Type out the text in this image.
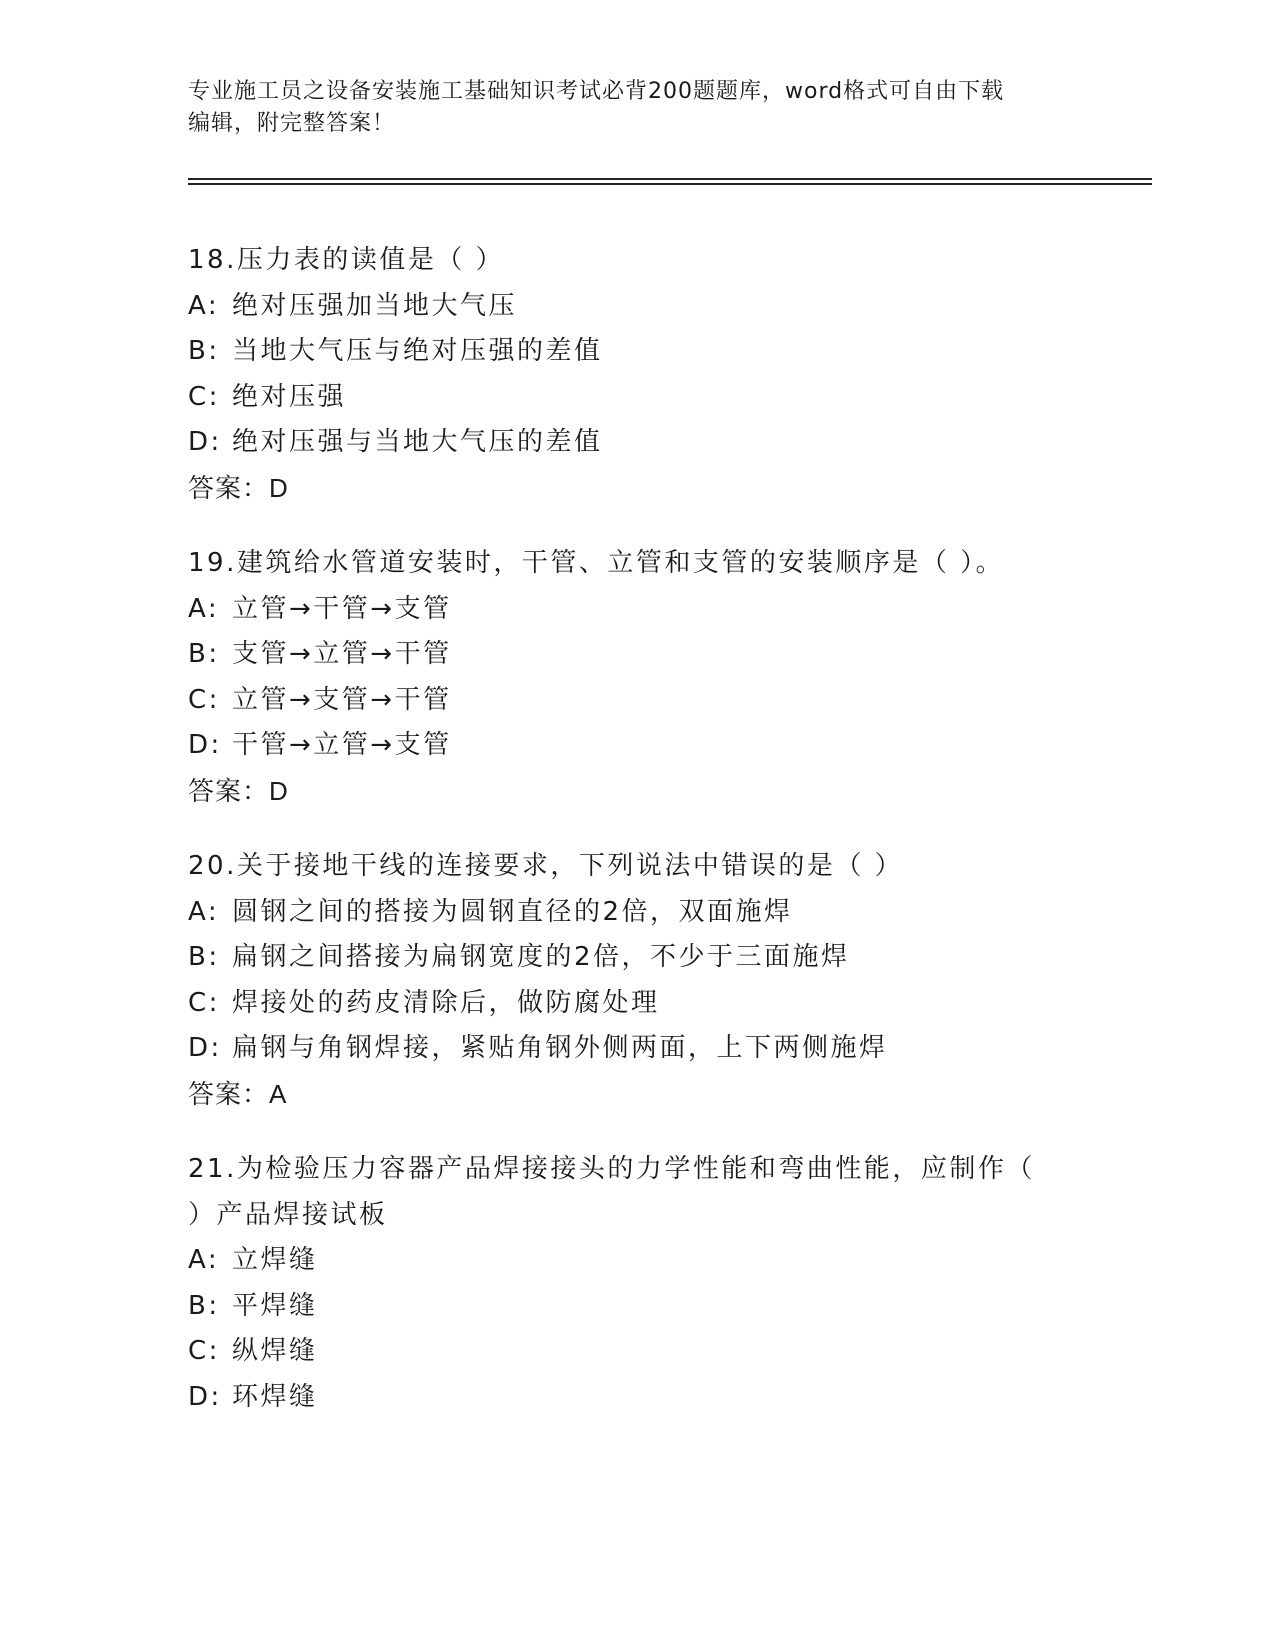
专业施工员之设备安装施工基础知识考试必背200题题库，word格式可自由下载
编辑，附完整答案！
18.压力表的读值是（ ）
A: 绝对压强加当地大气压
B: 当地大气压与绝对压强的差值
C: 绝对压强
D: 绝对压强与当地大气压的差值
答案：D
19.建筑给水管道安装时，干管、立管和支管的安装顺序是（ ）。
A: 立管→干管→支管
B: 支管→立管→干管
C: 立管→支管→干管
D: 干管→立管→支管
答案：D
20.关于接地干线的连接要求，下列说法中错误的是（ ）
A: 圆钢之间的搭接为圆钢直径的2倍，双面施焊
B: 扁钢之间搭接为扁钢宽度的2倍，不少于三面施焊
C: 焊接处的药皮清除后，做防腐处理
D: 扁钢与角钢焊接，紧贴角钢外侧两面，上下两侧施焊
答案：A
21.为检验压力容器产品焊接接头的力学性能和弯曲性能，应制作（ ）产品焊接试板
A: 立焊缝
B: 平焊缝
C: 纵焊缝
D: 环焊缝
